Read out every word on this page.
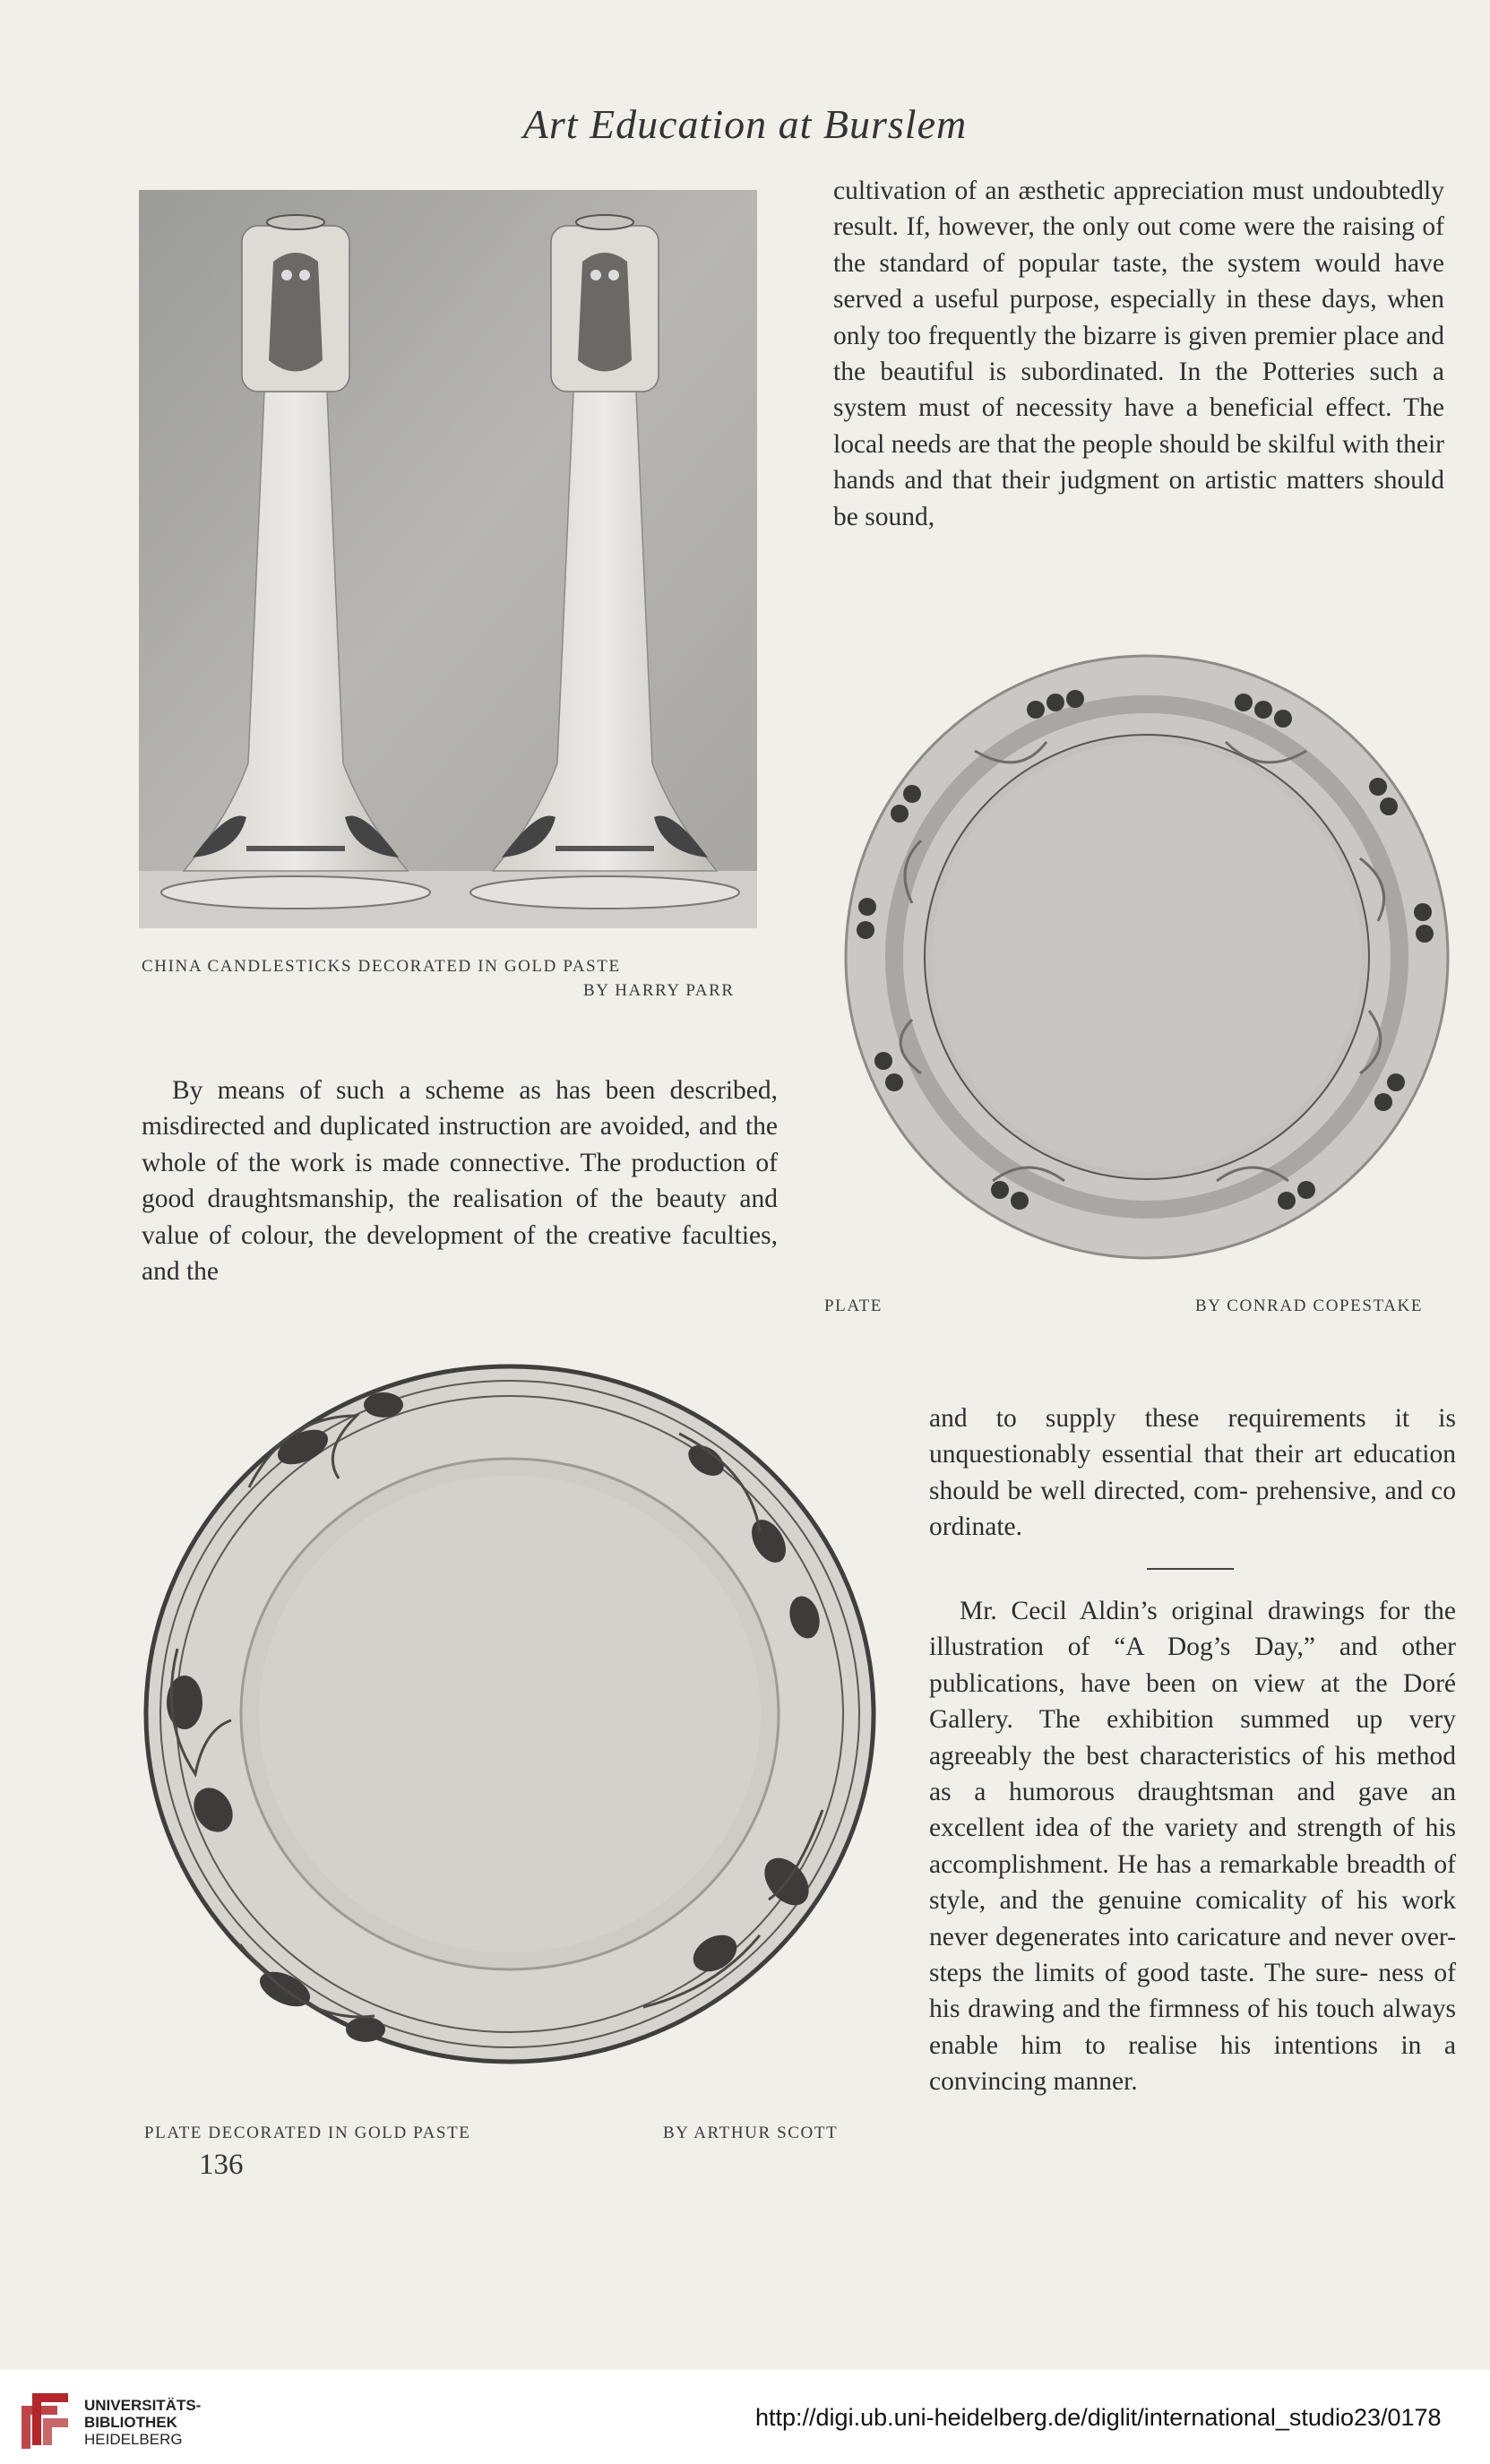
Art Education at Burslem
CHINA CANDLESTICKS DECORATED IN GOLD PASTE
BY HARRY PARR
cultivation of an æsthetic appreciation must undoubtedly result. If, however, the only out come were the raising of the standard of popular taste, the system would have served a useful purpose, especially in these days, when only too frequently the bizarre is given premier place and the beautiful is subordinated. In the Potteries such a system must of necessity have a beneficial effect. The local needs are that the people should be skilful with their hands and that their judgment on artistic matters should be sound,
PLATE	BY CONRAD COPESTAKE

By means of such a scheme as has been described, misdirected and duplicated instruction are avoided, and the whole of the work is made connective. The production of good draughtsmanship, the realisation of the beauty and value of colour, the development of the creative faculties, and the

PLATE DECORATED IN GOLD PASTE	BY ARTHUR SCOTT
and to supply these requirements it is unquestionably essential that their art education should be well directed, com- prehensive, and co ordinate.

Mr. Cecil Aldin’s original drawings for the illustration of “A Dog’s Day,” and other publications, have been on view at the Doré Gallery. The exhibition summed up very agreeably the best characteristics of his method as a humorous draughtsman and gave an excellent idea of the variety and strength of his accomplishment. He has a remarkable breadth of style, and the genuine comicality of his work never degenerates into caricature and never over- steps the limits of good taste. The sure- ness of his drawing and the firmness of his touch always enable him to realise his intentions in a convincing manner.

136
UNIVERSITÄTS-
BIBLIOTHEK
HEIDELBERG
http://digi.ub.uni-heidelberg.de/diglit/international_studio23/0178
